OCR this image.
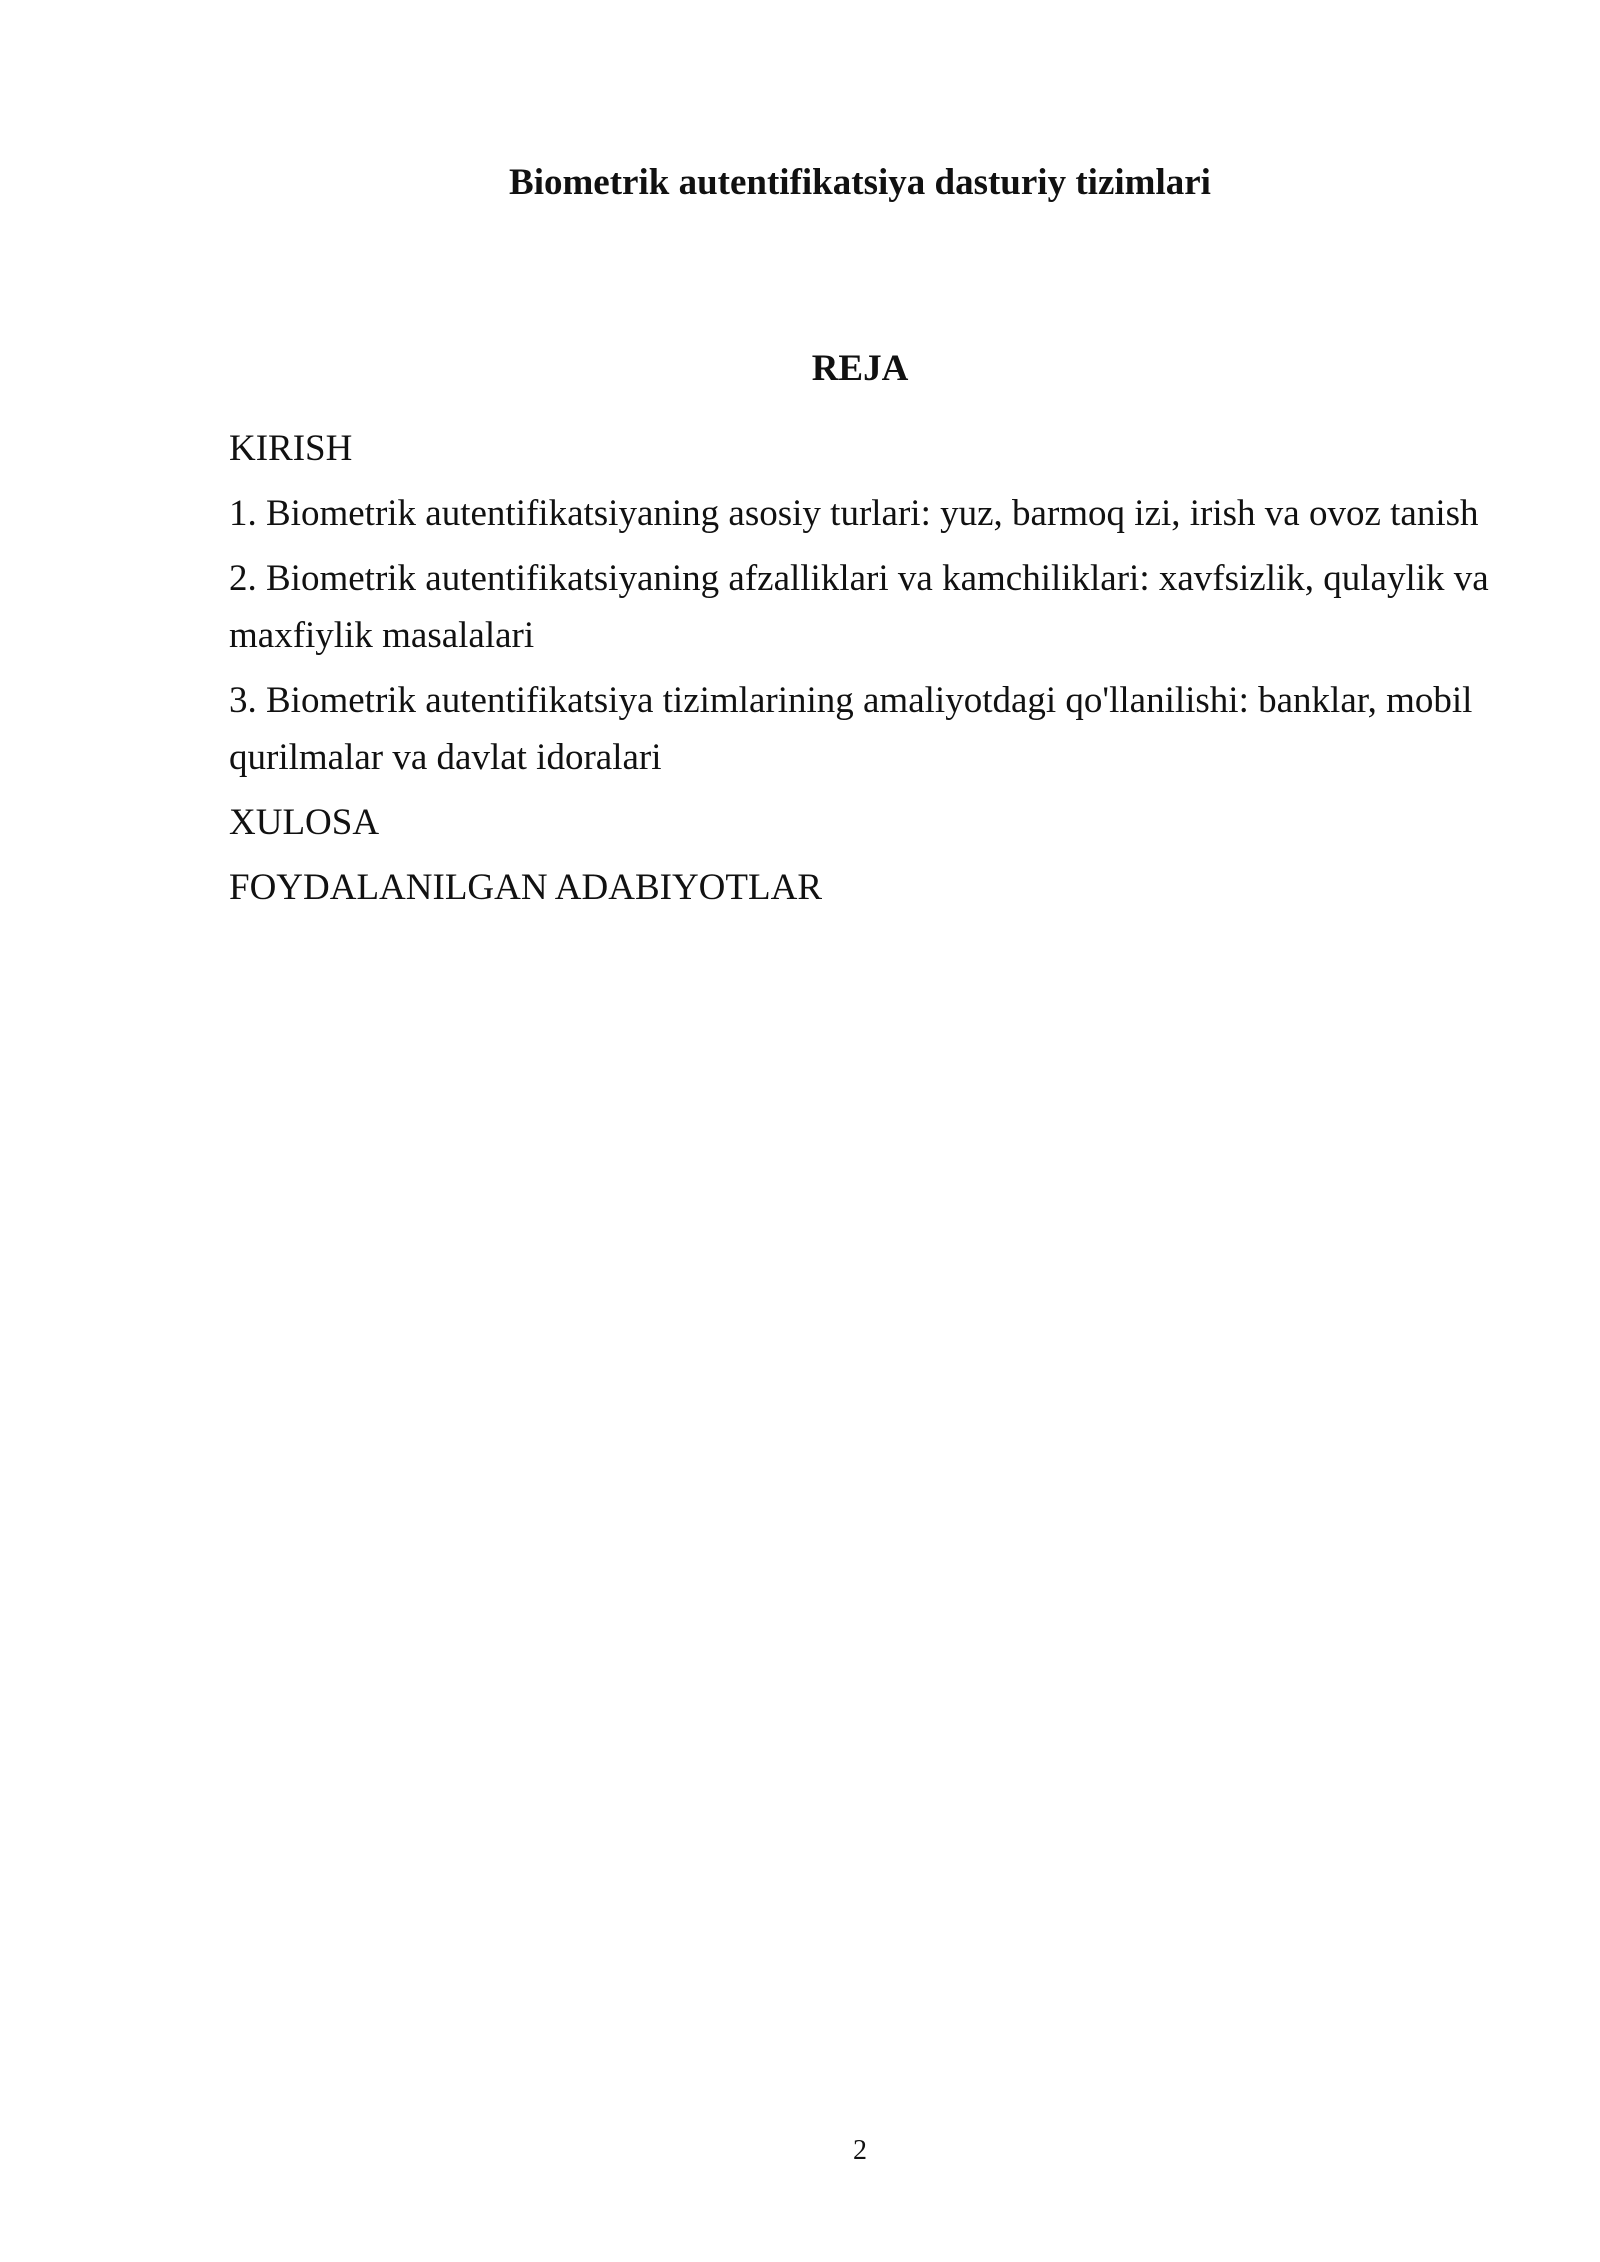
Biometrik autentifikatsiya dasturiy tizimlari
REJA
KIRISH
1. Biometrik autentifikatsiyaning asosiy turlari: yuz, barmoq izi, irish va ovoz tanish
2. Biometrik autentifikatsiyaning afzalliklari va kamchiliklari: xavfsizlik, qulaylik va maxfiylik masalalari
3. Biometrik autentifikatsiya tizimlarining amaliyotdagi qo'llanilishi: banklar, mobil qurilmalar va davlat idoralari
XULOSA
FOYDALANILGAN ADABIYOTLAR
2
